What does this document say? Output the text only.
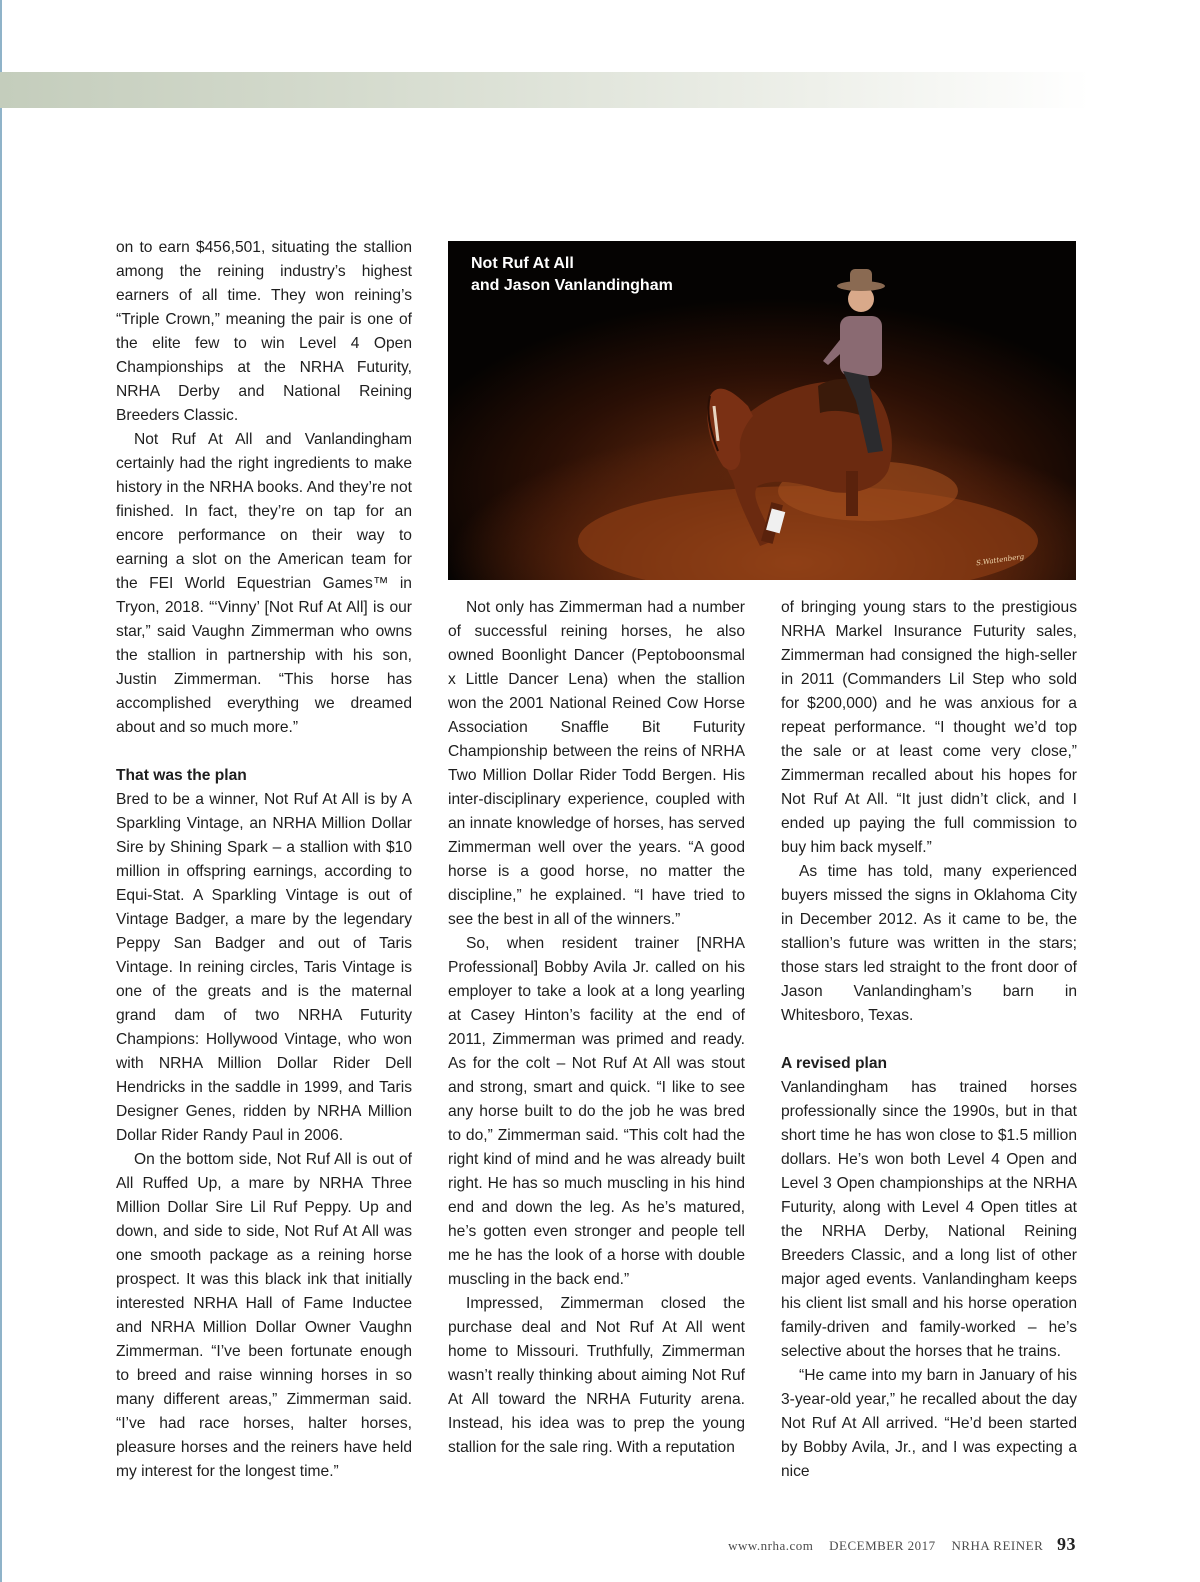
on to earn $456,501, situating the stallion among the reining industry’s highest earners of all time. They won reining’s “Triple Crown,” meaning the pair is one of the elite few to win Level 4 Open Championships at the NRHA Futurity, NRHA Derby and National Reining Breeders Classic.

Not Ruf At All and Vanlandingham certainly had the right ingredients to make history in the NRHA books. And they’re not finished. In fact, they’re on tap for an encore performance on their way to earning a slot on the American team for the FEI World Equestrian Games™ in Tryon, 2018. “‘Vinny’ [Not Ruf At All] is our star,” said Vaughn Zimmerman who owns the stallion in partnership with his son, Justin Zimmerman. “This horse has accomplished everything we dreamed about and so much more.”

That was the plan

Bred to be a winner, Not Ruf At All is by A Sparkling Vintage, an NRHA Million Dollar Sire by Shining Spark – a stallion with $10 million in offspring earnings, according to Equi-Stat. A Sparkling Vintage is out of Vintage Badger, a mare by the legendary Peppy San Badger and out of Taris Vintage. In reining circles, Taris Vintage is one of the greats and is the maternal grand dam of two NRHA Futurity Champions: Hollywood Vintage, who won with NRHA Million Dollar Rider Dell Hendricks in the saddle in 1999, and Taris Designer Genes, ridden by NRHA Million Dollar Rider Randy Paul in 2006.

On the bottom side, Not Ruf All is out of All Ruffed Up, a mare by NRHA Three Million Dollar Sire Lil Ruf Peppy. Up and down, and side to side, Not Ruf At All was one smooth package as a reining horse prospect. It was this black ink that initially interested NRHA Hall of Fame Inductee and NRHA Million Dollar Owner Vaughn Zimmerman. “I’ve been fortunate enough to breed and raise winning horses in so many different areas,” Zimmerman said. “I’ve had race horses, halter horses, pleasure horses and the reiners have held my interest for the longest time.”

Not Ruf At All
and Jason Vanlandingham
S.Wattenberg

Not only has Zimmerman had a number of successful reining horses, he also owned Boonlight Dancer (Peptoboonsmal x Little Dancer Lena) when the stallion won the 2001 National Reined Cow Horse Association Snaffle Bit Futurity Championship between the reins of NRHA Two Million Dollar Rider Todd Bergen. His inter-disciplinary experience, coupled with an innate knowledge of horses, has served Zimmerman well over the years. “A good horse is a good horse, no matter the discipline,” he explained. “I have tried to see the best in all of the winners.”

So, when resident trainer [NRHA Professional] Bobby Avila Jr. called on his employer to take a look at a long yearling at Casey Hinton’s facility at the end of 2011, Zimmerman was primed and ready. As for the colt – Not Ruf At All was stout and strong, smart and quick. “I like to see any horse built to do the job he was bred to do,” Zimmerman said. “This colt had the right kind of mind and he was already built right. He has so much muscling in his hind end and down the leg. As he’s matured, he’s gotten even stronger and people tell me he has the look of a horse with double muscling in the back end.”

Impressed, Zimmerman closed the purchase deal and Not Ruf At All went home to Missouri. Truthfully, Zimmerman wasn’t really thinking about aiming Not Ruf At All toward the NRHA Futurity arena. Instead, his idea was to prep the young stallion for the sale ring. With a reputation

of bringing young stars to the prestigious NRHA Markel Insurance Futurity sales, Zimmerman had consigned the high-seller in 2011 (Commanders Lil Step who sold for $200,000) and he was anxious for a repeat performance. “I thought we’d top the sale or at least come very close,” Zimmerman recalled about his hopes for Not Ruf At All. “It just didn’t click, and I ended up paying the full commission to buy him back myself.”

As time has told, many experienced buyers missed the signs in Oklahoma City in December 2012. As it came to be, the stallion’s future was written in the stars; those stars led straight to the front door of Jason Vanlandingham’s barn in Whitesboro, Texas.

A revised plan

Vanlandingham has trained horses professionally since the 1990s, but in that short time he has won close to $1.5 million dollars. He’s won both Level 4 Open and Level 3 Open championships at the NRHA Futurity, along with Level 4 Open titles at the NRHA Derby, National Reining Breeders Classic, and a long list of other major aged events. Vanlandingham keeps his client list small and his horse operation family-driven and family-worked – he’s selective about the horses that he trains.

“He came into my barn in January of his 3-year-old year,” he recalled about the day Not Ruf At All arrived. “He’d been started by Bobby Avila, Jr., and I was expecting a nice

www.nrha.com DECEMBER 2017 NRHA REINER 93
